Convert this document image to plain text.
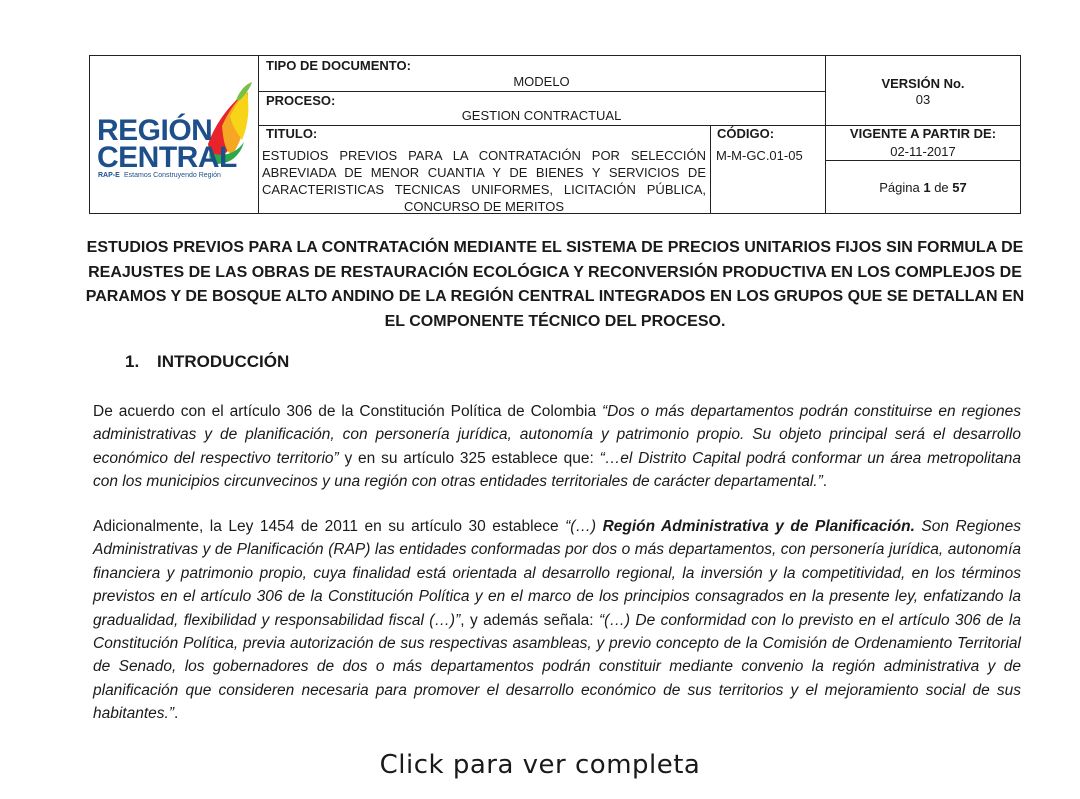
REGIÓN
CENTRAL
RAP-E Estamos Construyendo Región
TIPO DE DOCUMENTO:
MODELO
PROCESO:
GESTION CONTRACTUAL
TITULO:
ESTUDIOS PREVIOS PARA LA CONTRATACIÓN POR SELECCIÓN ABREVIADA DE MENOR CUANTIA Y DE BIENES Y SERVICIOS DE CARACTERISTICAS TECNICAS UNIFORMES, LICITACIÓN PÚBLICA, CONCURSO DE MERITOS
CÓDIGO:
M-M-GC.01-05
VERSIÓN No.
03
VIGENTE A PARTIR DE:
02-11-2017
Página 1 de 57
ESTUDIOS PREVIOS PARA LA CONTRATACIÓN MEDIANTE EL SISTEMA DE PRECIOS UNITARIOS FIJOS SIN FORMULA DE REAJUSTES DE LAS OBRAS DE RESTAURACIÓN ECOLÓGICA Y RECONVERSIÓN PRODUCTIVA EN LOS COMPLEJOS DE PARAMOS Y DE BOSQUE ALTO ANDINO DE LA REGIÓN CENTRAL INTEGRADOS EN LOS GRUPOS QUE SE DETALLAN EN EL COMPONENTE TÉCNICO DEL PROCESO.
1. INTRODUCCIÓN
De acuerdo con el artículo 306 de la Constitución Política de Colombia “Dos o más departamentos podrán constituirse en regiones administrativas y de planificación, con personería jurídica, autonomía y patrimonio propio. Su objeto principal será el desarrollo económico del respectivo territorio” y en su artículo 325 establece que: “…el Distrito Capital podrá conformar un área metropolitana con los municipios circunvecinos y una región con otras entidades territoriales de carácter departamental.”.
Adicionalmente, la Ley 1454 de 2011 en su artículo 30 establece “(…) Región Administrativa y de Planificación. Son Regiones Administrativas y de Planificación (RAP) las entidades conformadas por dos o más departamentos, con personería jurídica, autonomía financiera y patrimonio propio, cuya finalidad está orientada al desarrollo regional, la inversión y la competitividad, en los términos previstos en el artículo 306 de la Constitución Política y en el marco de los principios consagrados en la presente ley, enfatizando la gradualidad, flexibilidad y responsabilidad fiscal (…)”, y además señala: “(…) De conformidad con lo previsto en el artículo 306 de la Constitución Política, previa autorización de sus respectivas asambleas, y previo concepto de la Comisión de Ordenamiento Territorial de Senado, los gobernadores de dos o más departamentos podrán constituir mediante convenio la región administrativa y de planificación que consideren necesaria para promover el desarrollo económico de sus territorios y el mejoramiento social de sus habitantes.”.
Click para ver completa
